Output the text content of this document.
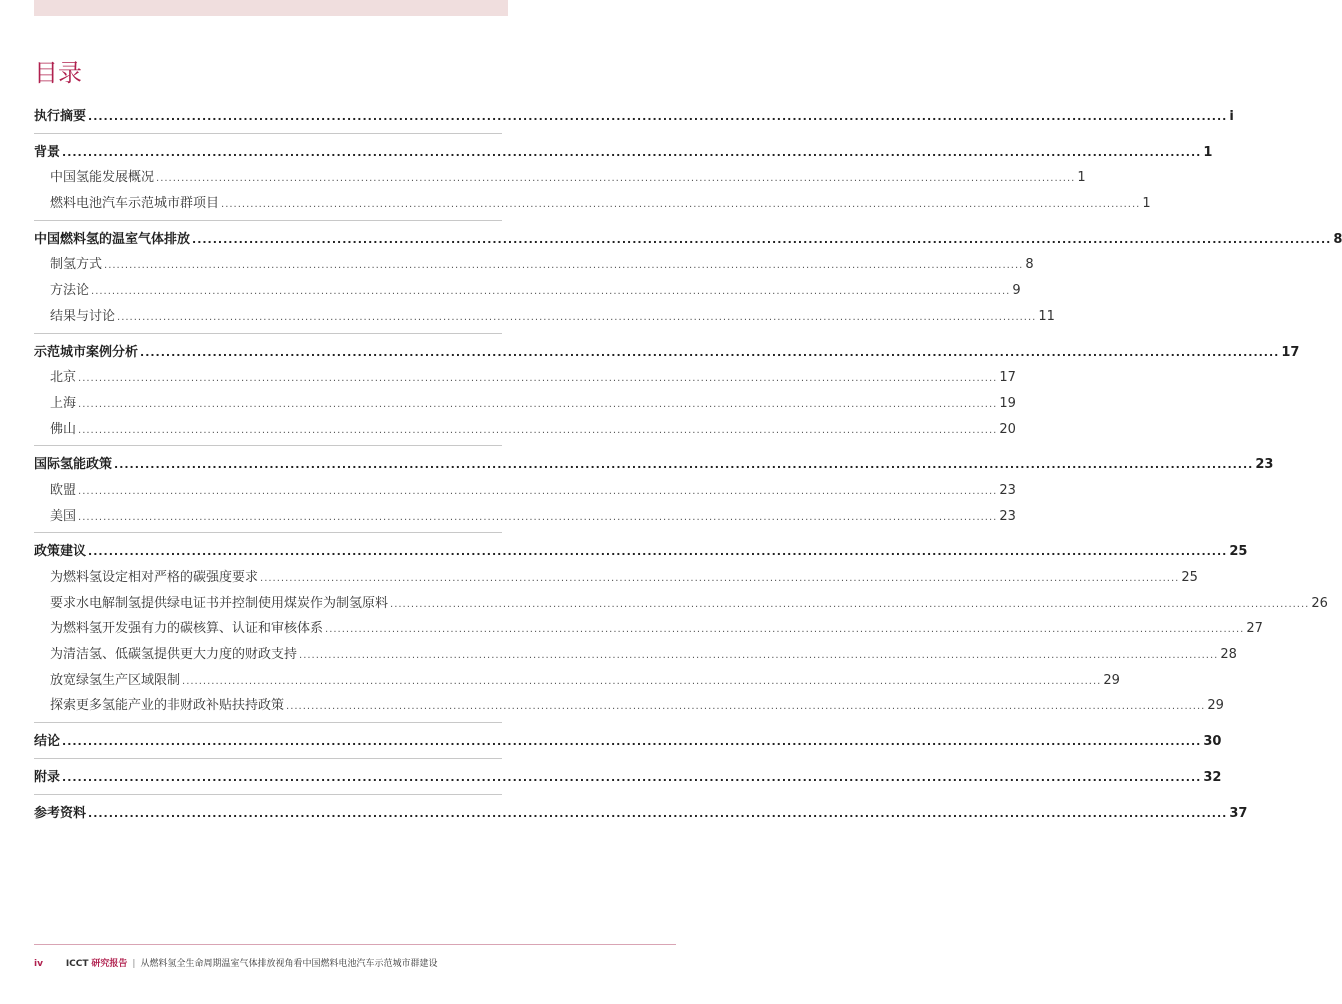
目录
执行摘要 ............................................................................................................................................................................................................................ i
背景 ............................................................................................................................................................................................................................ 1
中国氢能发展概况 ............................................................................................................................................................................................................................ 1
燃料电池汽车示范城市群项目 ............................................................................................................................................................................................................................ 1
中国燃料氢的温室气体排放 ............................................................................................................................................................................................................................ 8
制氢方式 ............................................................................................................................................................................................................................ 8
方法论 ............................................................................................................................................................................................................................ 9
结果与讨论 ............................................................................................................................................................................................................................ 11
示范城市案例分析 ............................................................................................................................................................................................................................ 17
北京 ............................................................................................................................................................................................................................ 17
上海 ............................................................................................................................................................................................................................ 19
佛山 ............................................................................................................................................................................................................................ 20
国际氢能政策 ............................................................................................................................................................................................................................ 23
欧盟 ............................................................................................................................................................................................................................ 23
美国 ............................................................................................................................................................................................................................ 23
政策建议 ............................................................................................................................................................................................................................ 25
为燃料氢设定相对严格的碳强度要求 ............................................................................................................................................................................................................................ 25
要求水电解制氢提供绿电证书并控制使用煤炭作为制氢原料 ............................................................................................................................................................................................................................ 26
为燃料氢开发强有力的碳核算、认证和审核体系 ............................................................................................................................................................................................................................ 27
为清洁氢、低碳氢提供更大力度的财政支持 ............................................................................................................................................................................................................................ 28
放宽绿氢生产区域限制 ............................................................................................................................................................................................................................ 29
探索更多氢能产业的非财政补贴扶持政策 ............................................................................................................................................................................................................................ 29
结论 ............................................................................................................................................................................................................................ 30
附录 ............................................................................................................................................................................................................................ 32
参考资料 ............................................................................................................................................................................................................................ 37
iv	ICCT 研究报告 | 从燃料氢全生命周期温室气体排放视角看中国燃料电池汽车示范城市群建设
